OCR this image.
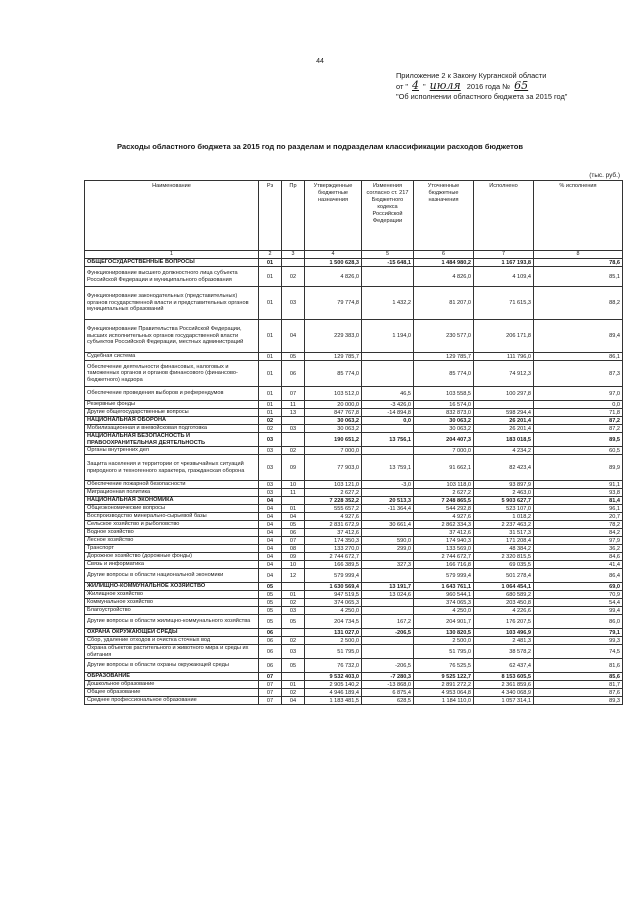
44
Приложение 2 к Закону Курганской области
от " 4 " июля 2016 года № 65
"Об исполнении областного бюджета за 2015 год"
Расходы областного бюджета за 2015 год по разделам и подразделам классификации расходов бюджетов
(тыс. руб.)
Наименование	Рз	Пр	Утвержденные бюджетные назначения	Изменения согласно ст. 217 Бюджетного кодекса Российской Федерации	Уточненные бюджетные назначения	Исполнено	% исполнения
1	2	3	4	5	6	7	8
ОБЩЕГОСУДАРСТВЕННЫЕ ВОПРОСЫ	01		1 500 628,3	-15 648,1	1 484 980,2	1 167 193,8	78,6
Функционирование высшего должностного лица субъекта Российской Федерации и муниципального образования	01	02	4 826,0		4 826,0	4 109,4	85,1
Функционирование законодательных (представительных) органов государственной власти и представительных органов муниципальных образований	01	03	79 774,8	1 432,2	81 207,0	71 615,3	88,2
Функционирование Правительства Российской Федерации, высших исполнительных органов государственной власти субъектов Российской Федерации, местных администраций	01	04	229 383,0	1 194,0	230 577,0	206 171,8	89,4
Судебная система	01	05	129 785,7		129 785,7	111 796,0	86,1
Обеспечение деятельности финансовых, налоговых и таможенных органов и органов финансового (финансово-бюджетного) надзора	01	06	85 774,0		85 774,0	74 912,3	87,3
Обеспечение проведения выборов и референдумов	01	07	103 512,0	46,5	103 558,5	100 297,8	97,0
Резервные фонды	01	11	20 000,0	-3 426,0	16 574,0		0,0
Другие общегосударственные вопросы	01	13	847 767,8	-14 894,8	832 873,0	598 294,4	71,8
НАЦИОНАЛЬНАЯ ОБОРОНА	02		30 063,2	0,0	30 063,2	26 201,4	87,2
Мобилизационная и вневойсковая подготовка	02	03	30 063,2		30 063,2	26 201,4	87,2
НАЦИОНАЛЬНАЯ БЕЗОПАСНОСТЬ И ПРАВООХРАНИТЕЛЬНАЯ ДЕЯТЕЛЬНОСТЬ	03		190 651,2	13 756,1	204 407,3	183 018,5	89,5
Органы внутренних дел	03	02	7 000,0		7 000,0	4 234,2	60,5
Защита населения и территории от чрезвычайных ситуаций природного и техногенного характера, гражданская оборона	03	09	77 903,0	13 759,1	91 662,1	82 423,4	89,9
Обеспечение пожарной безопасности	03	10	103 121,0	-3,0	103 118,0	93 897,9	91,1
Миграционная политика	03	11	2 627,2		2 627,2	2 463,0	93,8
НАЦИОНАЛЬНАЯ ЭКОНОМИКА	04		7 228 352,2	20 513,3	7 248 865,5	5 903 627,7	81,4
Общеэкономические вопросы	04	01	555 657,2	-11 364,4	544 292,8	523 107,0	96,1
Воспроизводство минерально-сырьевой базы	04	04	4 927,6		4 927,6	1 018,2	20,7
Сельское хозяйство и рыболовство	04	05	2 831 672,9	30 661,4	2 862 334,3	2 237 463,2	78,2
Водное хозяйство	04	06	37 412,6		37 412,6	31 517,3	84,2
Лесное хозяйство	04	07	174 350,3	590,0	174 940,3	171 208,4	97,9
Транспорт	04	08	133 270,0	299,0	133 569,0	48 384,2	36,2
Дорожное хозяйство (дорожные фонды)	04	09	2 744 672,7		2 744 672,7	2 320 815,5	84,6
Связь и информатика	04	10	166 389,5	327,3	166 716,8	69 035,5	41,4
Другие вопросы в области национальной экономики	04	12	579 999,4		579 999,4	501 278,4	86,4
ЖИЛИЩНО-КОММУНАЛЬНОЕ ХОЗЯЙСТВО	05		1 630 569,4	13 191,7	1 643 761,1	1 064 454,1	69,0
Жилищное хозяйство	05	01	947 519,5	13 024,6	960 544,1	680 589,2	70,9
Коммунальное хозяйство	05	02	374 065,3		374 065,3	203 450,8	54,4
Благоустройство	05	03	4 250,0		4 250,0	4 226,6	99,4
Другие вопросы в области жилищно-коммунального хозяйства	05	05	204 734,5	167,2	204 901,7	176 207,5	86,0
ОХРАНА ОКРУЖАЮЩЕЙ СРЕДЫ	06		131 027,0	-206,5	130 820,5	103 496,9	79,1
Сбор, удаление отходов и очистка сточных вод	06	02	2 500,0		2 500,0	2 481,3	99,3
Охрана объектов растительного и животного мира и среды их обитания	06	03	51 795,0		51 795,0	38 578,2	74,5
Другие вопросы в области охраны окружающей среды	06	05	76 732,0	-206,5	76 525,5	62 437,4	81,6
ОБРАЗОВАНИЕ	07		9 532 403,0	-7 280,3	9 525 122,7	8 153 605,5	85,6
Дошкольное образование	07	01	2 905 140,2	-13 868,0	2 891 272,2	2 361 859,6	81,7
Общее образование	07	02	4 946 189,4	6 875,4	4 953 064,8	4 340 068,9	87,6
Среднее профессиональное образование	07	04	1 183 481,5	628,5	1 184 110,0	1 057 314,1	89,3
